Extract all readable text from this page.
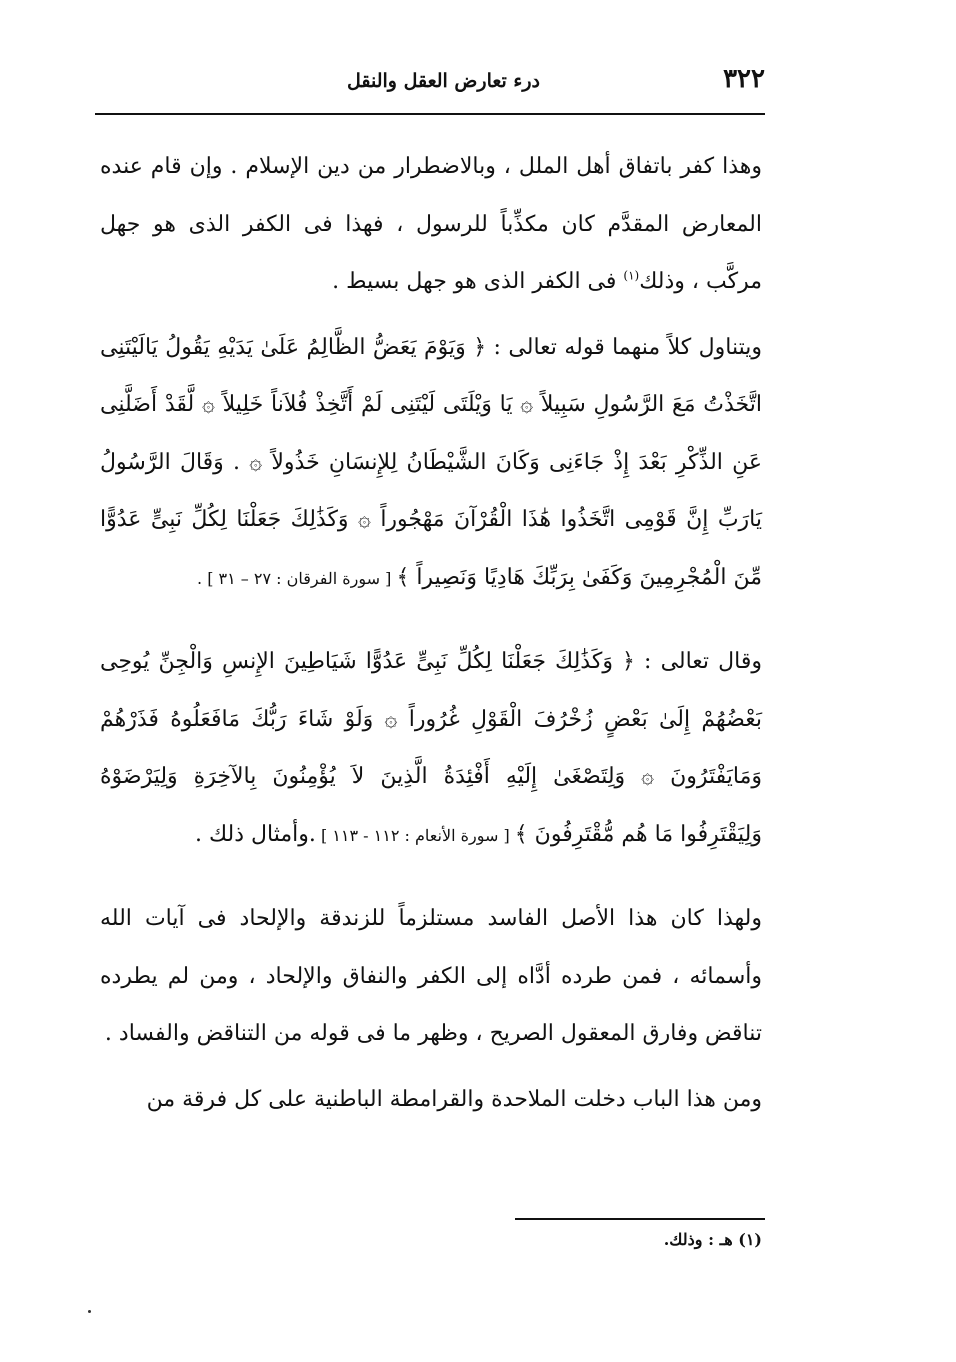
٣٢٢
درء تعارض العقل والنقل

وهذا كفر باتفاق أهل الملل ، وبالاضطرار من دين الإسلام . وإن قام عنده المعارض المقدَّم كان مكذِّباً للرسول ، فهذا فى الكفر الذى هو جهل مركَّب ، وذلك$^{(١)}$ فى الكفر الذى هو جهل بسيط .

ويتناول كلاً منهما قوله تعالى : ﴿ وَيَوْمَ يَعَضُّ الظَّالِمُ عَلَىٰ يَدَيْهِ يَقُولُ يَالَيْتَنِى اتَّخَذْتُ مَعَ الرَّسُولِ سَبِيلاً ۞ يَا وَيْلَتَى لَيْتَنِى لَمْ أَتَّخِذْ فُلاَناً خَلِيلاً ۞ لَّقَدْ أَضَلَّنِى عَنِ الذِّكْرِ بَعْدَ إِذْ جَاءَنِى وَكَانَ الشَّيْطَانُ لِلإِنسَانِ خَذُولاً ۞ . وَقَالَ الرَّسُولُ يَارَبِّ إِنَّ قَوْمِى اتَّخَذُوا هَٰذَا الْقُرْآنَ مَهْجُوراً ۞ وَكَذَٰلِكَ جَعَلْنَا لِكُلِّ نَبِىٍّ عَدُوًّا مِّنَ الْمُجْرِمِينَ وَكَفَىٰ بِرَبِّكَ هَادِيًا وَنَصِيراً ﴾ [ سورة الفرقان : ٢٧ – ٣١ ] .

وقال تعالى : ﴿ وَكَذَٰلِكَ جَعَلْنَا لِكُلِّ نَبِىٍّ عَدُوًّا شَيَاطِينَ الإِنسِ وَالْجِنِّ يُوحِى بَعْضُهُمْ إِلَىٰ بَعْضٍ زُخْرُفَ الْقَوْلِ غُرُوراً ۞ وَلَوْ شَاءَ رَبُّكَ مَافَعَلُوهُ فَذَرْهُمْ وَمَايَفْتَرُونَ ۞ وَلِتَصْغَىٰ إِلَيْهِ أَفْئِدَةُ الَّذِينَ لاَ يُؤْمِنُونَ بِالآخِرَةِ وَلِيَرْضَوْهُ وَلِيَقْتَرِفُوا مَا هُم مُّقْتَرِفُونَ ﴾ [ سورة الأنعام : ١١٢ - ١١٣ ] .وأمثال ذلك .

ولهذا كان هذا الأصل الفاسد مستلزماً للزندقة والإلحاد فى آيات الله وأسمائه ، فمن طرده أدَّاه إلى الكفر والنفاق والإلحاد ، ومن لم يطرده تناقض وفارق المعقول الصريح ، وظهر ما فى قوله من التناقض والفساد .

ومن هذا الباب دخلت الملاحدة والقرامطة الباطنية على كل فرقة من

(١) هـ : وذلك.
